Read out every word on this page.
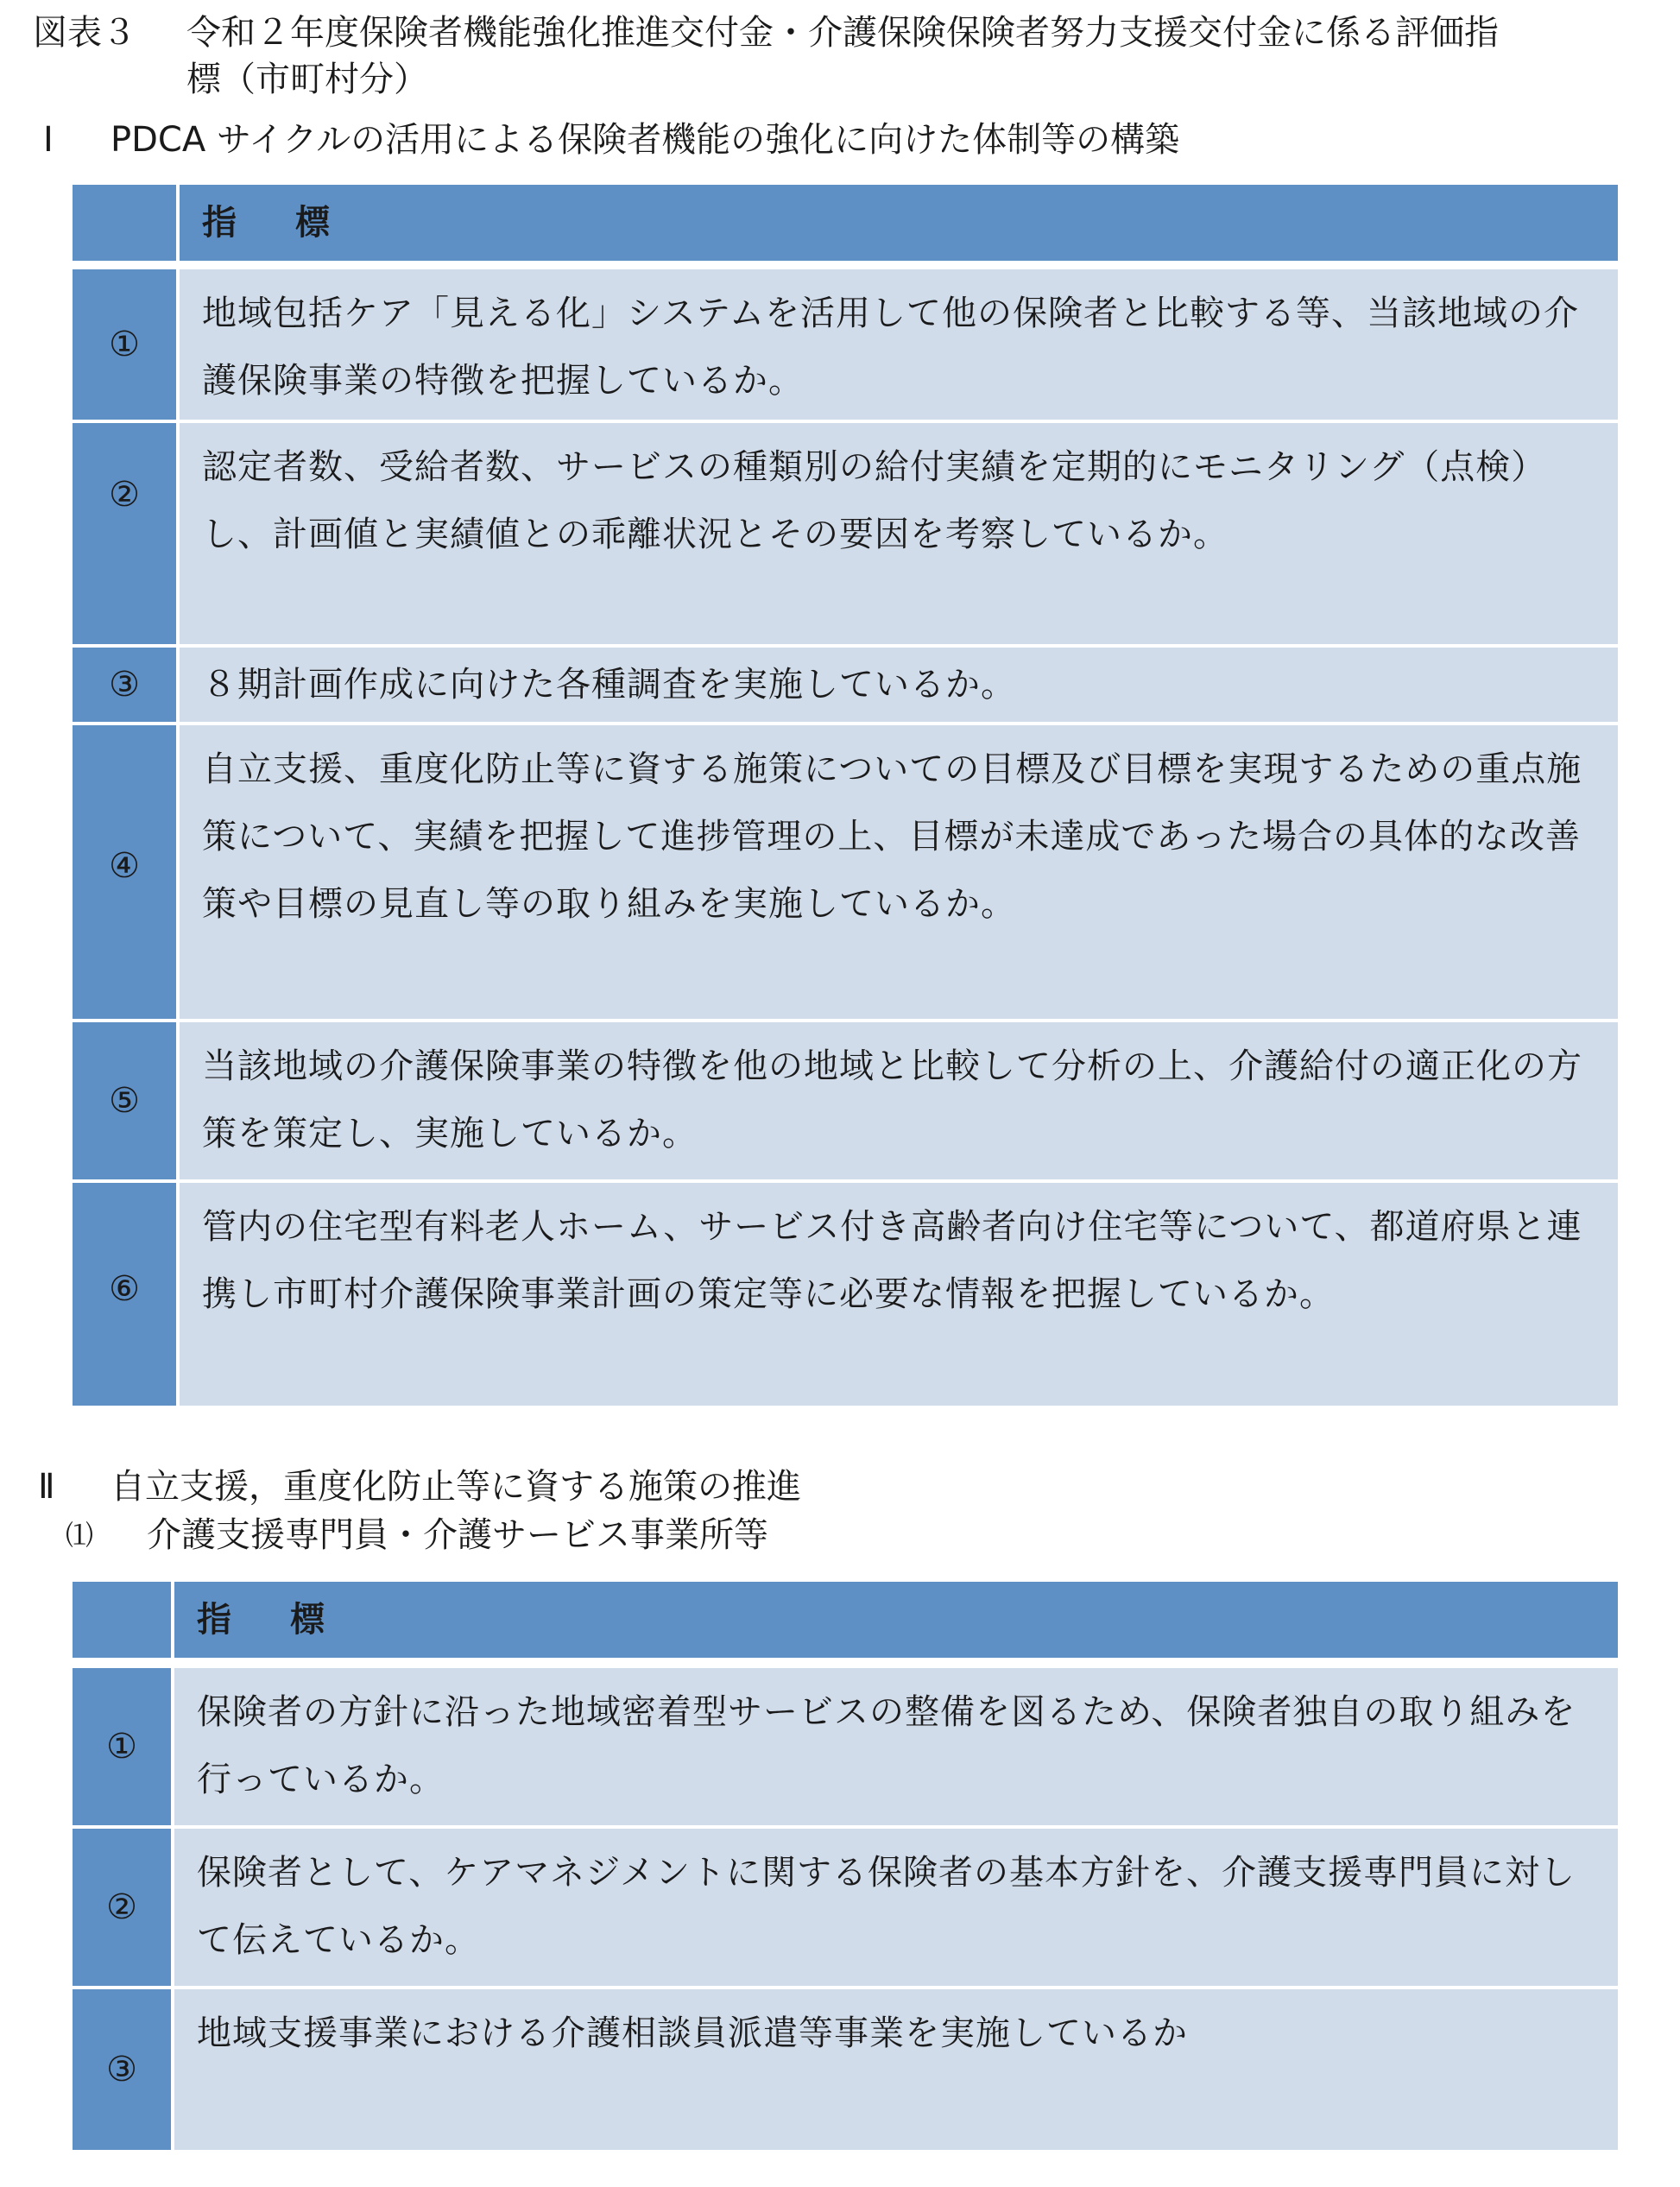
図表３ 令和２年度保険者機能強化推進交付金・介護保険保険者努力支援交付金に係る評価指
標（市町村分）
Ⅰ PDCA サイクルの活用による保険者機能の強化に向けた体制等の構築
指　標
①
地域包括ケア「見える化」システムを活用して他の保険者と比較する等、当該地域の介護保険事業の特徴を把握しているか。
②
認定者数、受給者数、サービスの種類別の給付実績を定期的にモニタリング（点検）し、計画値と実績値との乖離状況とその要因を考察しているか。
③	８期計画作成に向けた各種調査を実施しているか。
④
自立支援、重度化防止等に資する施策についての目標及び目標を実現するための重点施策について、実績を把握して進捗管理の上、目標が未達成であった場合の具体的な改善策や目標の見直し等の取り組みを実施しているか。
⑤
当該地域の介護保険事業の特徴を他の地域と比較して分析の上、介護給付の適正化の方策を策定し、実施しているか。
⑥
管内の住宅型有料老人ホーム、サービス付き高齢者向け住宅等について、都道府県と連携し市町村介護保険事業計画の策定等に必要な情報を把握しているか。
Ⅱ 自立支援，重度化防止等に資する施策の推進
⑴ 介護支援専門員・介護サービス事業所等
指　標
①
保険者の方針に沿った地域密着型サービスの整備を図るため、保険者独自の取り組みを行っているか。
②
保険者として、ケアマネジメントに関する保険者の基本方針を、介護支援専門員に対して伝えているか。
③
地域支援事業における介護相談員派遣等事業を実施しているか
